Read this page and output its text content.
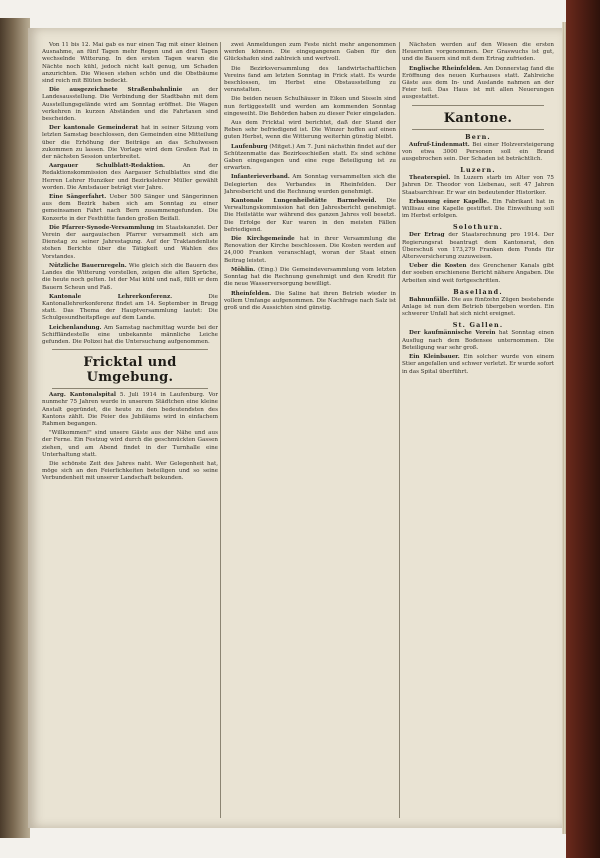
Von 11 bis 12. Mai gab es nur einen Tag mit einer kleinen Ausnahme, an fünf Tagen mehr Regen und an drei Tagen wechselnde Witterung. In den ersten Tagen waren die Nächte noch kühl, jedoch nicht kalt genug, um Schaden anzurichten. Die Wiesen stehen schön und die Obstbäume sind reich mit Blüten bedeckt.

Die ausgezeichnete Straßenbahnlinie an der Landesausstellung. Die Verbindung der Stadtbahn mit dem Ausstellungsgelände wird am Sonntag eröffnet. Die Wagen verkehren in kurzen Abständen und die Fahrtaxen sind bescheiden.

Der kantonale Gemeinderat hat in seiner Sitzung vom letzten Samstag beschlossen, den Gemeinden eine Mitteilung über die Erhöhung der Beiträge an das Schulwesen zukommen zu lassen. Die Vorlage wird dem Großen Rat in der nächsten Session unterbreitet.

Aargauer Schulblatt-Redaktion.	An der Redaktionskommission des Aargauer Schulblattes sind die Herren Lehrer Hunziker und Bezirkslehrer Müller gewählt worden. Die Amtsdauer beträgt vier Jahre.

Eine Sängerfahrt. Ueber 500 Sänger und Sängerinnen aus dem Bezirk haben sich am Sonntag zu einer gemeinsamen Fahrt nach Bern zusammengefunden. Die Konzerte in der Festhütte fanden großen Beifall.

Die Pfarrer-Synode-Versammlung im Staatskanzlei. Der Verein der aargauischen Pfarrer versammelt sich am Dienstag zu seiner Jahrestagung. Auf der Traktandenliste stehen Berichte über die Tätigkeit und Wahlen des Vorstandes.

Nützliche Bauernregeln. Wie gleich sich die Bauern des Landes die Witterung vorstellen, zeigen die alten Sprüche, die heute noch gelten. Ist der Mai kühl und naß, füllt er dem Bauern Scheun und Faß.

Kantonale Lehrerkonferenz.	Die Kantonallehrerkonferenz findet am 14. September in Brugg statt. Das Thema der Hauptversammlung lautet: Die Schulgesundheitspflege auf dem Lande.

Leichenlandung. Am Samstag nachmittag wurde bei der Schiffländestelle eine unbekannte männliche Leiche gefunden. Die Polizei hat die Untersuchung aufgenommen.

Fricktal und Umgebung.

Aarg. Kantonalspital 5. Juli 1914 in Laufenburg. Vor nunmehr 75 Jahren wurde in unserem Städtchen eine kleine Anstalt gegründet, die heute zu den bedeutendsten des Kantons zählt. Die Feier des Jubiläums wird in einfachem Rahmen begangen.

"Willkommen!" sind unsere Gäste aus der Nähe und aus der Ferne. Ein Festzug wird durch die geschmückten Gassen ziehen, und am Abend findet in der Turnhalle eine Unterhaltung statt.

Die schönste Zeit des Jahres naht. Wer Gelegenheit hat, möge sich an den Feierlichkeiten beteiligen und so seine Verbundenheit mit unserer Landschaft bekunden.

zwei Anmeldungen zum Feste nicht mehr angenommen werden können. Die eingegangenen Gaben für den Glückshafen sind zahlreich und wertvoll.

Die Bezirksversammlung des landwirtschaftlichen Vereins fand am letzten Sonntag in Frick statt. Es wurde beschlossen, im Herbst eine Obstausstellung zu veranstalten.

Die beiden neuen Schulhäuser in Eiken und Sisseln sind nun fertiggestellt und werden am kommenden Sonntag eingeweiht. Die Behörden haben zu dieser Feier eingeladen.

Aus dem Fricktal wird berichtet, daß der Stand der Reben sehr befriedigend ist. Die Winzer hoffen auf einen guten Herbst, wenn die Witterung weiterhin günstig bleibt.

Laufenburg (Mitget.) Am 7. Juni nächsthin findet auf der Schützenmatte das Bezirksschießen statt. Es sind schöne Gaben eingegangen und eine rege Beteiligung ist zu erwarten.

Infanterieverband. Am Sonntag versammelten sich die Delegierten des Verbandes in Rheinfelden. Der Jahresbericht und die Rechnung wurden genehmigt.

Kantonale Lungenheilstätte Barmelweid. Die Verwaltungskommission hat den Jahresbericht genehmigt. Die Heilstätte war während des ganzen Jahres voll besetzt. Die Erfolge der Kur waren in den meisten Fällen befriedigend.

Die Kirchgemeinde hat in ihrer Versammlung die Renovation der Kirche beschlossen. Die Kosten werden auf 24,000 Franken veranschlagt, woran der Staat einen Beitrag leistet.

Möhlin. (Eing.) Die Gemeindeversammlung vom letzten Sonntag hat die Rechnung genehmigt und den Kredit für die neue Wasserversorgung bewilligt.

Rheinfelden. Die Saline hat ihren Betrieb wieder in vollem Umfange aufgenommen. Die Nachfrage nach Salz ist groß und die Aussichten sind günstig.

Nächsten werden auf den Wiesen die ersten Heuernten vorgenommen. Der Graswuchs ist gut, und die Bauern sind mit dem Ertrag zufrieden.

Englische Rheinfelden. Am Donnerstag fand die Eröffnung des neuen Kurhauses statt. Zahlreiche Gäste aus dem In- und Auslande nahmen an der Feier teil. Das Haus ist mit allen Neuerungen ausgestattet.

Kantone.
Bern.

Aufruf-Lindenmatt. Bei einer Holzversteigerung von etwa 3000 Personen soll ein Brand ausgebrochen sein. Der Schaden ist beträchtlich.

Luzern.

Theaterspiel. In Luzern starb im Alter von 75 Jahren Dr. Theodor von Liebenau, seit 47 Jahren Staatsarchivar. Er war ein bedeutender Historiker.

Erbauung einer Kapelle. Ein Fabrikant hat in Willisau eine Kapelle gestiftet. Die Einweihung soll im Herbst erfolgen.

Solothurn.

Der Ertrag der Staatsrechnung pro 1914. Der Regierungsrat beantragt dem Kantonsrat, den Überschuß von 173,279 Franken dem Fonds für Altersversicherung zuzuweisen.

Ueber die Kosten des Grenchener Kanals gibt der soeben erschienene Bericht nähere Angaben. Die Arbeiten sind weit fortgeschritten.

Baselland.

Bahnunfälle. Die aus fünfzehn Zügen bestehende Anlage ist nun dem Betrieb übergeben worden. Ein schwerer Unfall hat sich nicht ereignet.

St. Gallen.

Der kaufmännische Verein hat Sonntag einen Ausflug nach dem Bodensee unternommen. Die Beteiligung war sehr groß.

Ein Kleinbauer. Ein solcher wurde von einem Stier angefallen und schwer verletzt. Er wurde sofort in das Spital überführt.
